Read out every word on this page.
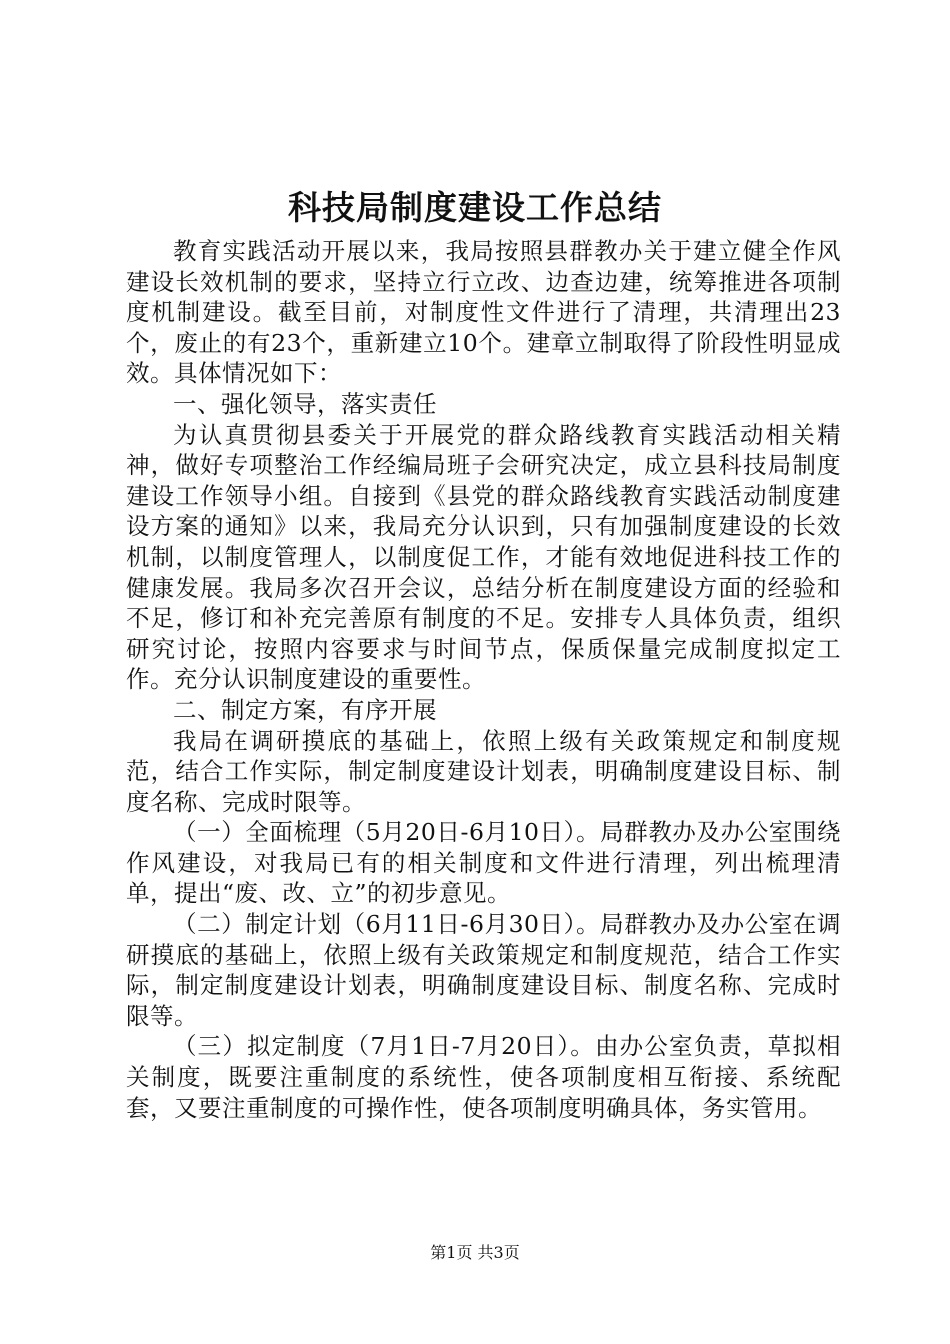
科技局制度建设工作总结

教育实践活动开展以来，我局按照县群教办关于建立健全作风建设长效机制的要求，坚持立行立改、边查边建，统筹推进各项制度机制建设。截至目前，对制度性文件进行了清理，共清理出23个，废止的有23个，重新建立10个。建章立制取得了阶段性明显成效。具体情况如下：

一、强化领导，落实责任

为认真贯彻县委关于开展党的群众路线教育实践活动相关精神，做好专项整治工作经编局班子会研究决定，成立县科技局制度建设工作领导小组。自接到《县党的群众路线教育实践活动制度建设方案的通知》以来，我局充分认识到，只有加强制度建设的长效机制，以制度管理人，以制度促工作，才能有效地促进科技工作的健康发展。我局多次召开会议，总结分析在制度建设方面的经验和不足，修订和补充完善原有制度的不足。安排专人具体负责，组织研究讨论，按照内容要求与时间节点，保质保量完成制度拟定工作。充分认识制度建设的重要性。

二、制定方案，有序开展

我局在调研摸底的基础上，依照上级有关政策规定和制度规范，结合工作实际，制定制度建设计划表，明确制度建设目标、制度名称、完成时限等。

（一）全面梳理（5月20日-6月10日）。局群教办及办公室围绕作风建设，对我局已有的相关制度和文件进行清理，列出梳理清单，提出“废、改、立”的初步意见。

（二）制定计划（6月11日-6月30日）。局群教办及办公室在调研摸底的基础上，依照上级有关政策规定和制度规范，结合工作实际，制定制度建设计划表，明确制度建设目标、制度名称、完成时限等。

（三）拟定制度（7月1日-7月20日）。由办公室负责，草拟相关制度，既要注重制度的系统性，使各项制度相互衔接、系统配套，又要注重制度的可操作性，使各项制度明确具体，务实管用。

第1页 共3页
